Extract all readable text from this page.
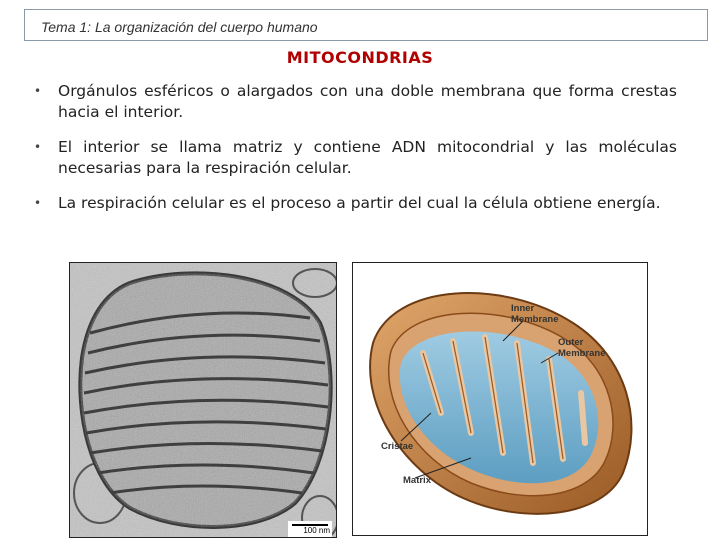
Tema 1: La organización del cuerpo humano
MITOCONDRIAS
• Orgánulos esféricos o alargados con una doble membrana que forma crestas hacia el interior.
• El interior se llama matriz y contiene ADN mitocondrial y las moléculas necesarias para la respiración celular.
• La respiración celular es el proceso a partir del cual la célula obtiene energía.
100 nm
Inner Membrane
Outer Membrane
Cristae
Matrix
